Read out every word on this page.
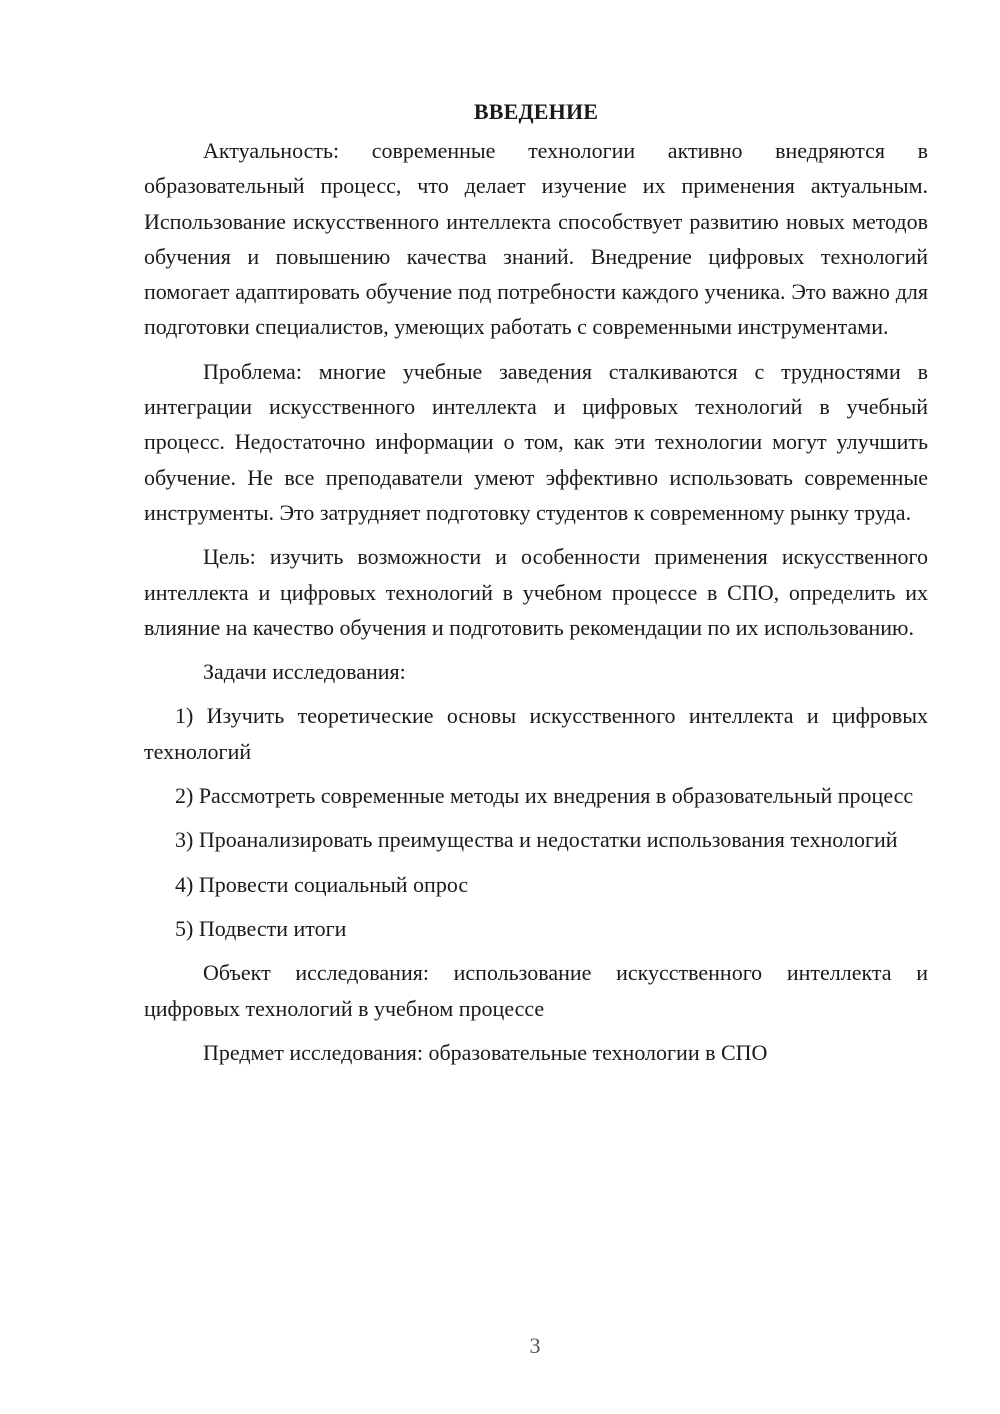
ВВЕДЕНИЕ

Актуальность: современные технологии активно внедряются в образовательный процесс, что делает изучение их применения актуальным. Использование искусственного интеллекта способствует развитию новых методов обучения и повышению качества знаний. Внедрение цифровых технологий помогает адаптировать обучение под потребности каждого ученика. Это важно для подготовки специалистов, умеющих работать с современными инструментами.

Проблема: многие учебные заведения сталкиваются с трудностями в интеграции искусственного интеллекта и цифровых технологий в учебный процесс. Недостаточно информации о том, как эти технологии могут улучшить обучение. Не все преподаватели умеют эффективно использовать современные инструменты. Это затрудняет подготовку студентов к современному рынку труда.

Цель: изучить возможности и особенности применения искусственного интеллекта и цифровых технологий в учебном процессе в СПО, определить их влияние на качество обучения и подготовить рекомендации по их использованию.

Задачи исследования:

1) Изучить теоретические основы искусственного интеллекта и цифровых технологий

2) Рассмотреть современные методы их внедрения в образовательный процесс

3) Проанализировать преимущества и недостатки использования технологий

4) Провести социальный опрос

5) Подвести итоги

Объект исследования: использование искусственного интеллекта и цифровых технологий в учебном процессе

Предмет исследования: образовательные технологии в СПО

3
